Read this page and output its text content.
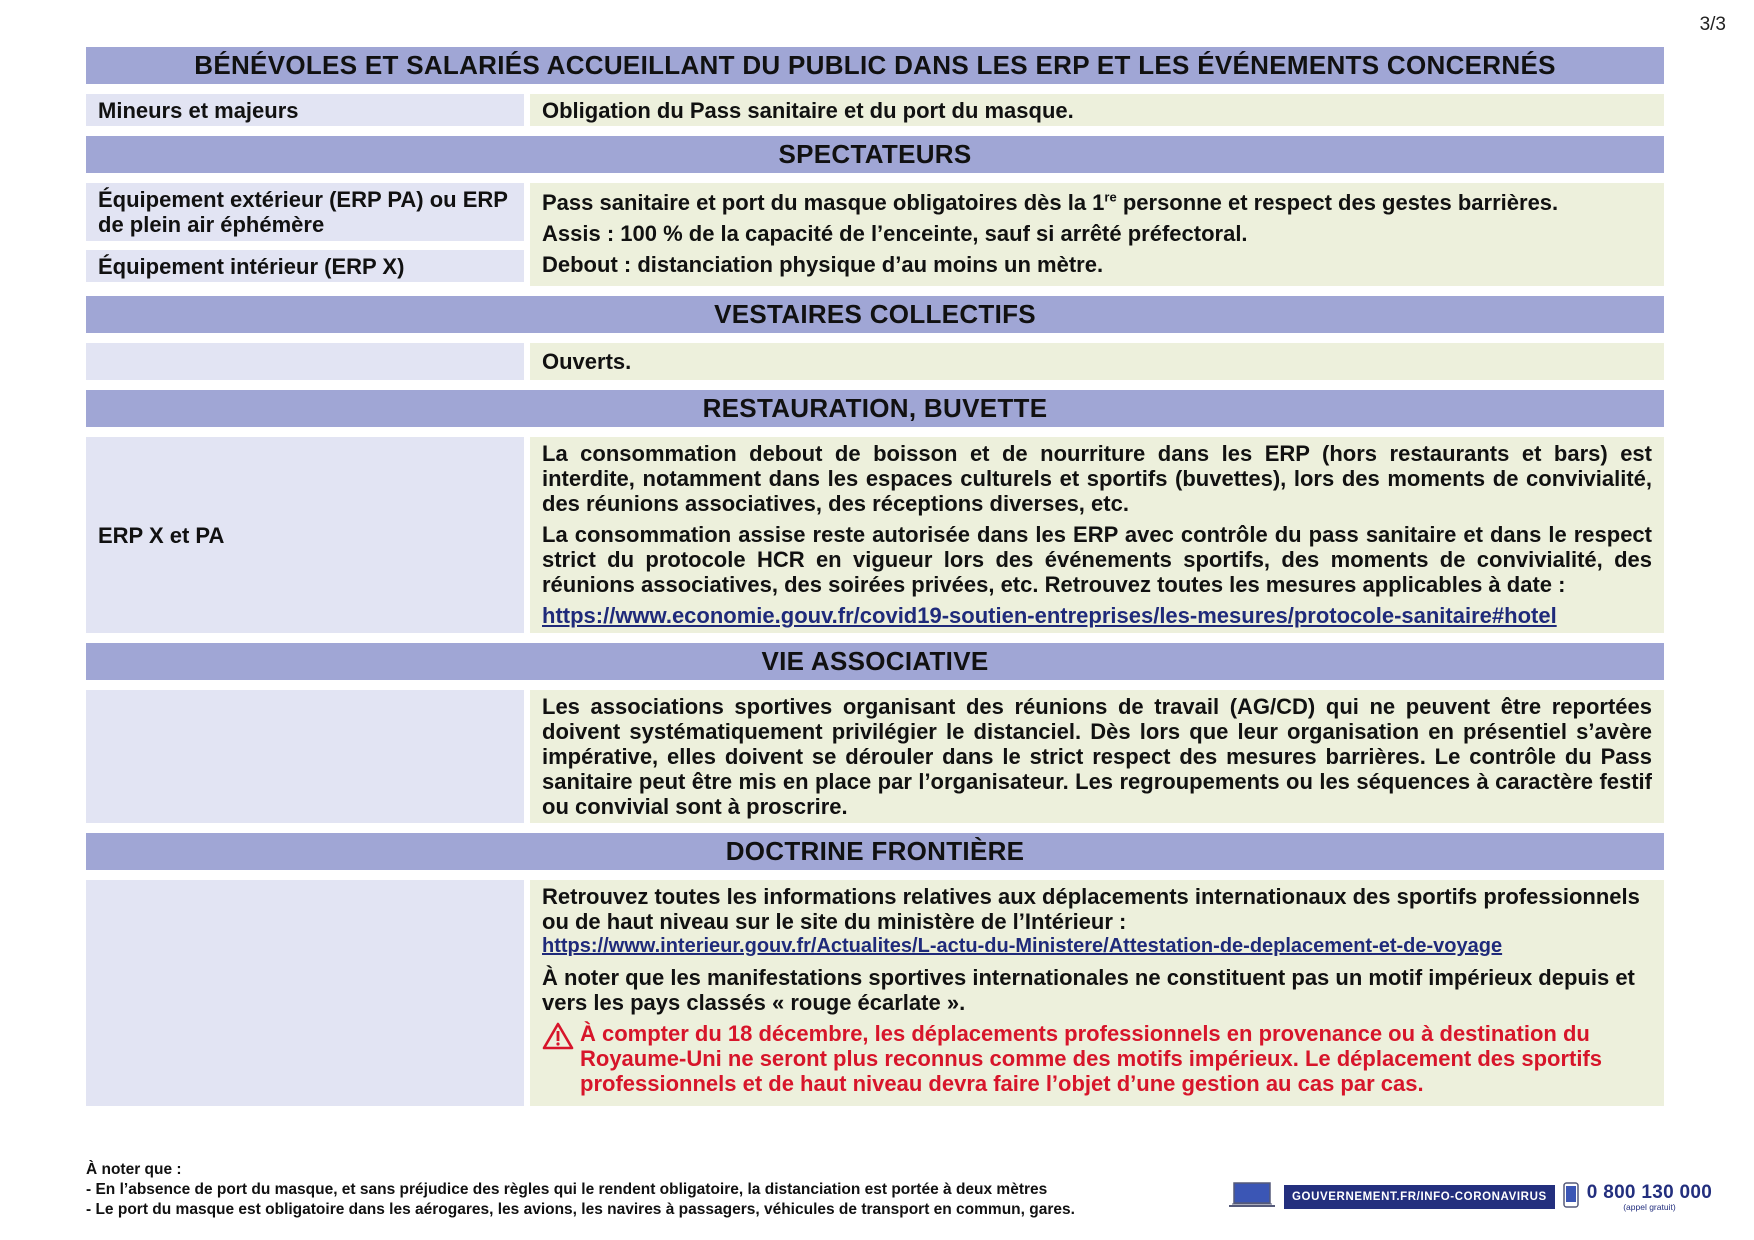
3/3
BÉNÉVOLES ET SALARIÉS ACCUEILLANT DU PUBLIC DANS LES ERP ET LES ÉVÉNEMENTS CONCERNÉS
Mineurs et majeurs	Obligation du Pass sanitaire et du port du masque.
SPECTATEURS
Équipement extérieur (ERP PA) ou ERP de plein air éphémère
Équipement intérieur (ERP X)

Pass sanitaire et port du masque obligatoires dès la 1re personne et respect des gestes barrières.

Assis : 100 % de la capacité de l’enceinte, sauf si arrêté préfectoral.

Debout : distanciation physique d’au moins un mètre.

VESTAIRES COLLECTIFS
Ouverts.
RESTAURATION, BUVETTE
ERP X et PA

La consommation debout de boisson et de nourriture dans les ERP (hors restaurants et bars) est interdite, notamment dans les espaces culturels et sportifs (buvettes), lors des moments de convivialité, des réunions associatives, des réceptions diverses, etc.

La consommation assise reste autorisée dans les ERP avec contrôle du pass sanitaire et dans le respect strict du protocole HCR en vigueur lors des événements sportifs, des moments de convivialité, des réunions associatives, des soirées privées, etc. Retrouvez toutes les mesures applicables à date :

https://www.economie.gouv.fr/covid19-soutien-entreprises/les-mesures/protocole-sanitaire#hotel

VIE ASSOCIATIVE

Les associations sportives organisant des réunions de travail (AG/CD) qui ne peuvent être reportées doivent systématiquement privilégier le distanciel. Dès lors que leur organisation en présentiel s’avère impérative, elles doivent se dérouler dans le strict respect des mesures barrières. Le contrôle du Pass sanitaire peut être mis en place par l’organisateur. Les regroupements ou les séquences à caractère festif ou convivial sont à proscrire.

DOCTRINE FRONTIÈRE

Retrouvez toutes les informations relatives aux déplacements internationaux des sportifs professionnels ou de haut niveau sur le site du ministère de l’Intérieur :

https://www.interieur.gouv.fr/Actualites/L-actu-du-Ministere/Attestation-de-deplacement-et-de-voyage

À noter que les manifestations sportives internationales ne constituent pas un motif impérieux depuis et vers les pays classés « rouge écarlate ».

À compter du 18 décembre, les déplacements professionnels en provenance ou à destination du Royaume-Uni ne seront plus reconnus comme des motifs impérieux. Le déplacement des sportifs professionnels et de haut niveau devra faire l’objet d’une gestion au cas par cas.
À noter que :
- En l’absence de port du masque, et sans préjudice des règles qui le rendent obligatoire, la distanciation est portée à deux mètres
- Le port du masque est obligatoire dans les aérogares, les avions, les navires à passagers, véhicules de transport en commun, gares.
GOUVERNEMENT.FR/INFO-CORONAVIRUS	0 800 130 000
(appel gratuit)
